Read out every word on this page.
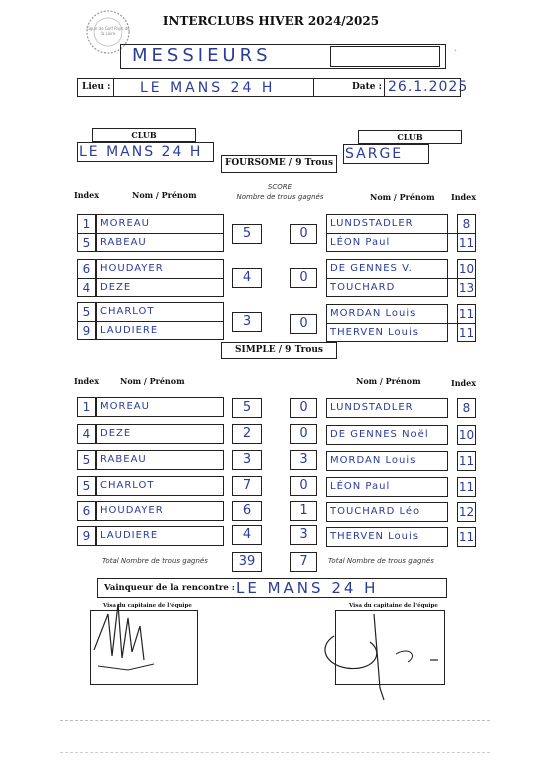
Ligue de Golf Pays de la Loire
INTERCLUBS HIVER 2024/2025
MESSIEURS	·
Lieu : LE MANS 24 H	Date : 26.1.2025
CLUB
LE MANS 24 H
CLUB
SARGE
FOURSOME / 9 Trous
Index	Nom / Prénom
SCORE
Nombre de trous gagnés	Nom / Prénom Index
1 MOREAU
5 RABEAU
5	0
LUNDSTADLER	8
LÉON Paul	11
6 HOUDAYER
4 DEZE
4	0
DE GENNES V.	10
TOUCHARD	13
5 CHARLOT
9 LAUDIERE
3	0
MORDAN Louis	11
THERVEN Louis	11
SIMPLE / 9 Trous
Index	Nom / Prénom	Nom / Prénom	Index
1 MOREAU	5	0	LUNDSTADLER	8
4 DEZE	2	0	DE GENNES Noël	10
5 RABEAU	3	3	MORDAN Louis	11
5 CHARLOT	7	0	LÉON Paul	11
6 HOUDAYER	6	1	TOUCHARD Léo	12
9 LAUDIERE	4	3	THERVEN Louis	11
Total Nombre de trous gagnés	39	7	Total Nombre de trous gagnés
Vainqueur de la rencontre : LE MANS 24 H
Visa du capitaine de l'équipe	Visa du capitaine de l'équipe
